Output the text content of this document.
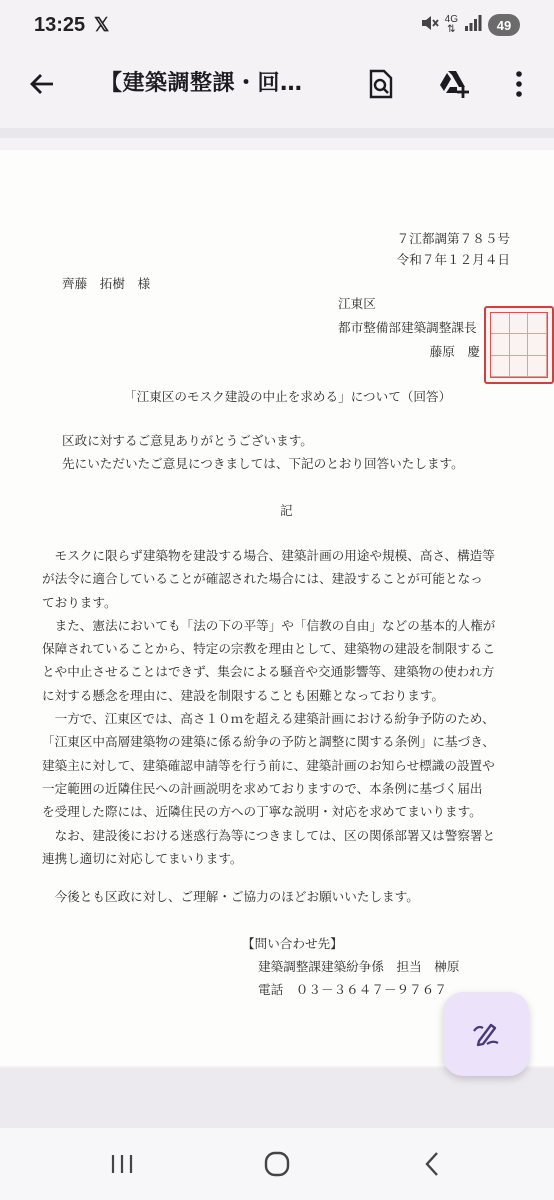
13:25 𝕏	4G
⇅	49
【建築調整課・回…
７江都調第７８５号
令和７年１２月４日
齊藤　拓樹　様
江東区
都市整備部建築調整課長
藤原　慶
「江東区のモスク建設の中止を求める」について（回答）
区政に対するご意見ありがとうございます。
先にいただいたご意見につきましては、下記のとおり回答いたします。
記
　モスクに限らず建築物を建設する場合、建築計画の用途や規模、高さ、構造等
が法令に適合していることが確認された場合には、建設することが可能となっ
ております。
　また、憲法においても「法の下の平等」や「信教の自由」などの基本的人権が
保障されていることから、特定の宗教を理由として、建築物の建設を制限するこ
とや中止させることはできず、集会による騒音や交通影響等、建築物の使われ方
に対する懸念を理由に、建設を制限することも困難となっております。
　一方で、江東区では、高さ１０ｍを超える建築計画における紛争予防のため、
「江東区中高層建築物の建築に係る紛争の予防と調整に関する条例」に基づき、
建築主に対して、建築確認申請等を行う前に、建築計画のお知らせ標識の設置や
一定範囲の近隣住民への計画説明を求めておりますので、本条例に基づく届出
を受理した際には、近隣住民の方への丁寧な説明・対応を求めてまいります。
　なお、建設後における迷惑行為等につきましては、区の関係部署又は警察署と
連携し適切に対応してまいります。
　今後とも区政に対し、ご理解・ご協力のほどお願いいたします。
【問い合わせ先】
建築調整課建築紛争係　担当　榊原
電話　０３－３６４７－９７６７
